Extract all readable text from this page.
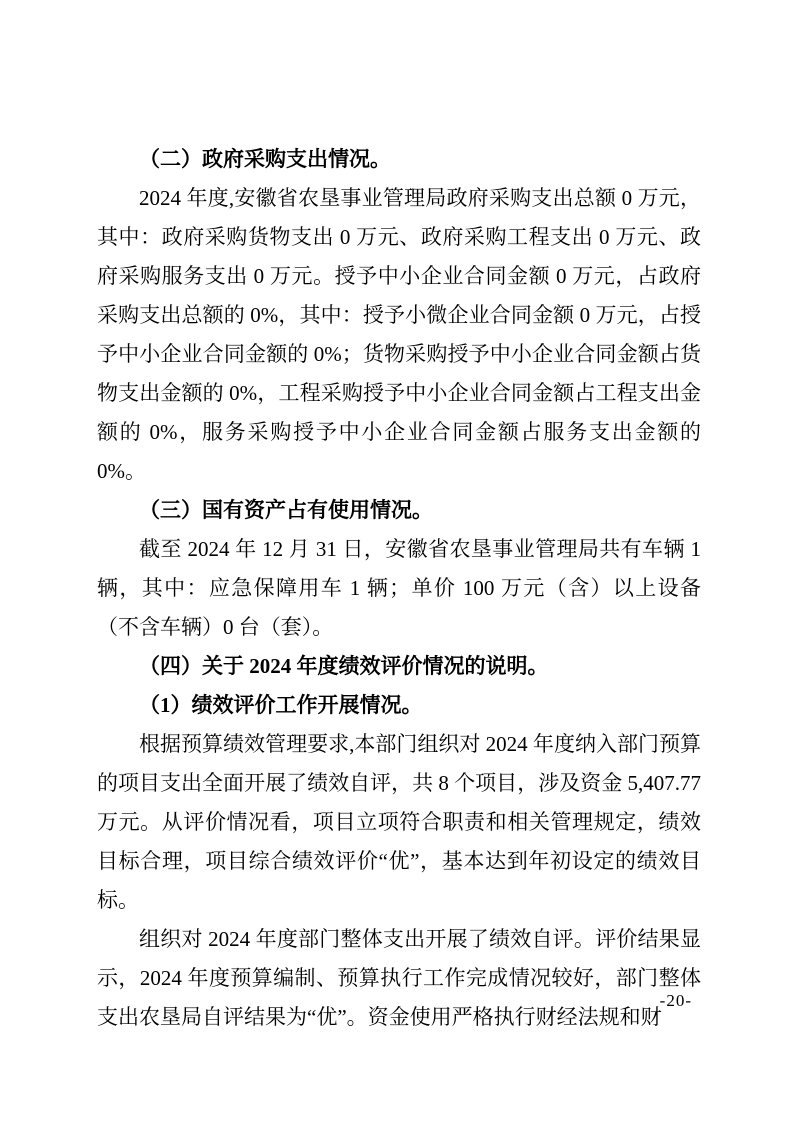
（二）政府采购支出情况。

2024 年度,安徽省农垦事业管理局政府采购支出总额 0 万元，其中：政府采购货物支出 0 万元、政府采购工程支出 0 万元、政府采购服务支出 0 万元。授予中小企业合同金额 0 万元，占政府采购支出总额的 0%，其中：授予小微企业合同金额 0 万元，占授予中小企业合同金额的 0%；货物采购授予中小企业合同金额占货物支出金额的 0%，工程采购授予中小企业合同金额占工程支出金额的 0%，服务采购授予中小企业合同金额占服务支出金额的 0%。

（三）国有资产占有使用情况。

截至 2024 年 12 月 31 日，安徽省农垦事业管理局共有车辆 1 辆，其中：应急保障用车 1 辆；单价 100 万元（含）以上设备（不含车辆）0 台（套）。

（四）关于 2024 年度绩效评价情况的说明。
（1）绩效评价工作开展情况。

根据预算绩效管理要求,本部门组织对 2024 年度纳入部门预算的项目支出全面开展了绩效自评，共 8 个项目，涉及资金 5,407.77 万元。从评价情况看，项目立项符合职责和相关管理规定，绩效目标合理，项目综合绩效评价“优”，基本达到年初设定的绩效目标。

组织对 2024 年度部门整体支出开展了绩效自评。评价结果显示，2024 年度预算编制、预算执行工作完成情况较好，部门整体支出农垦局自评结果为“优”。资金使用严格执行财经法规和财

-20-
